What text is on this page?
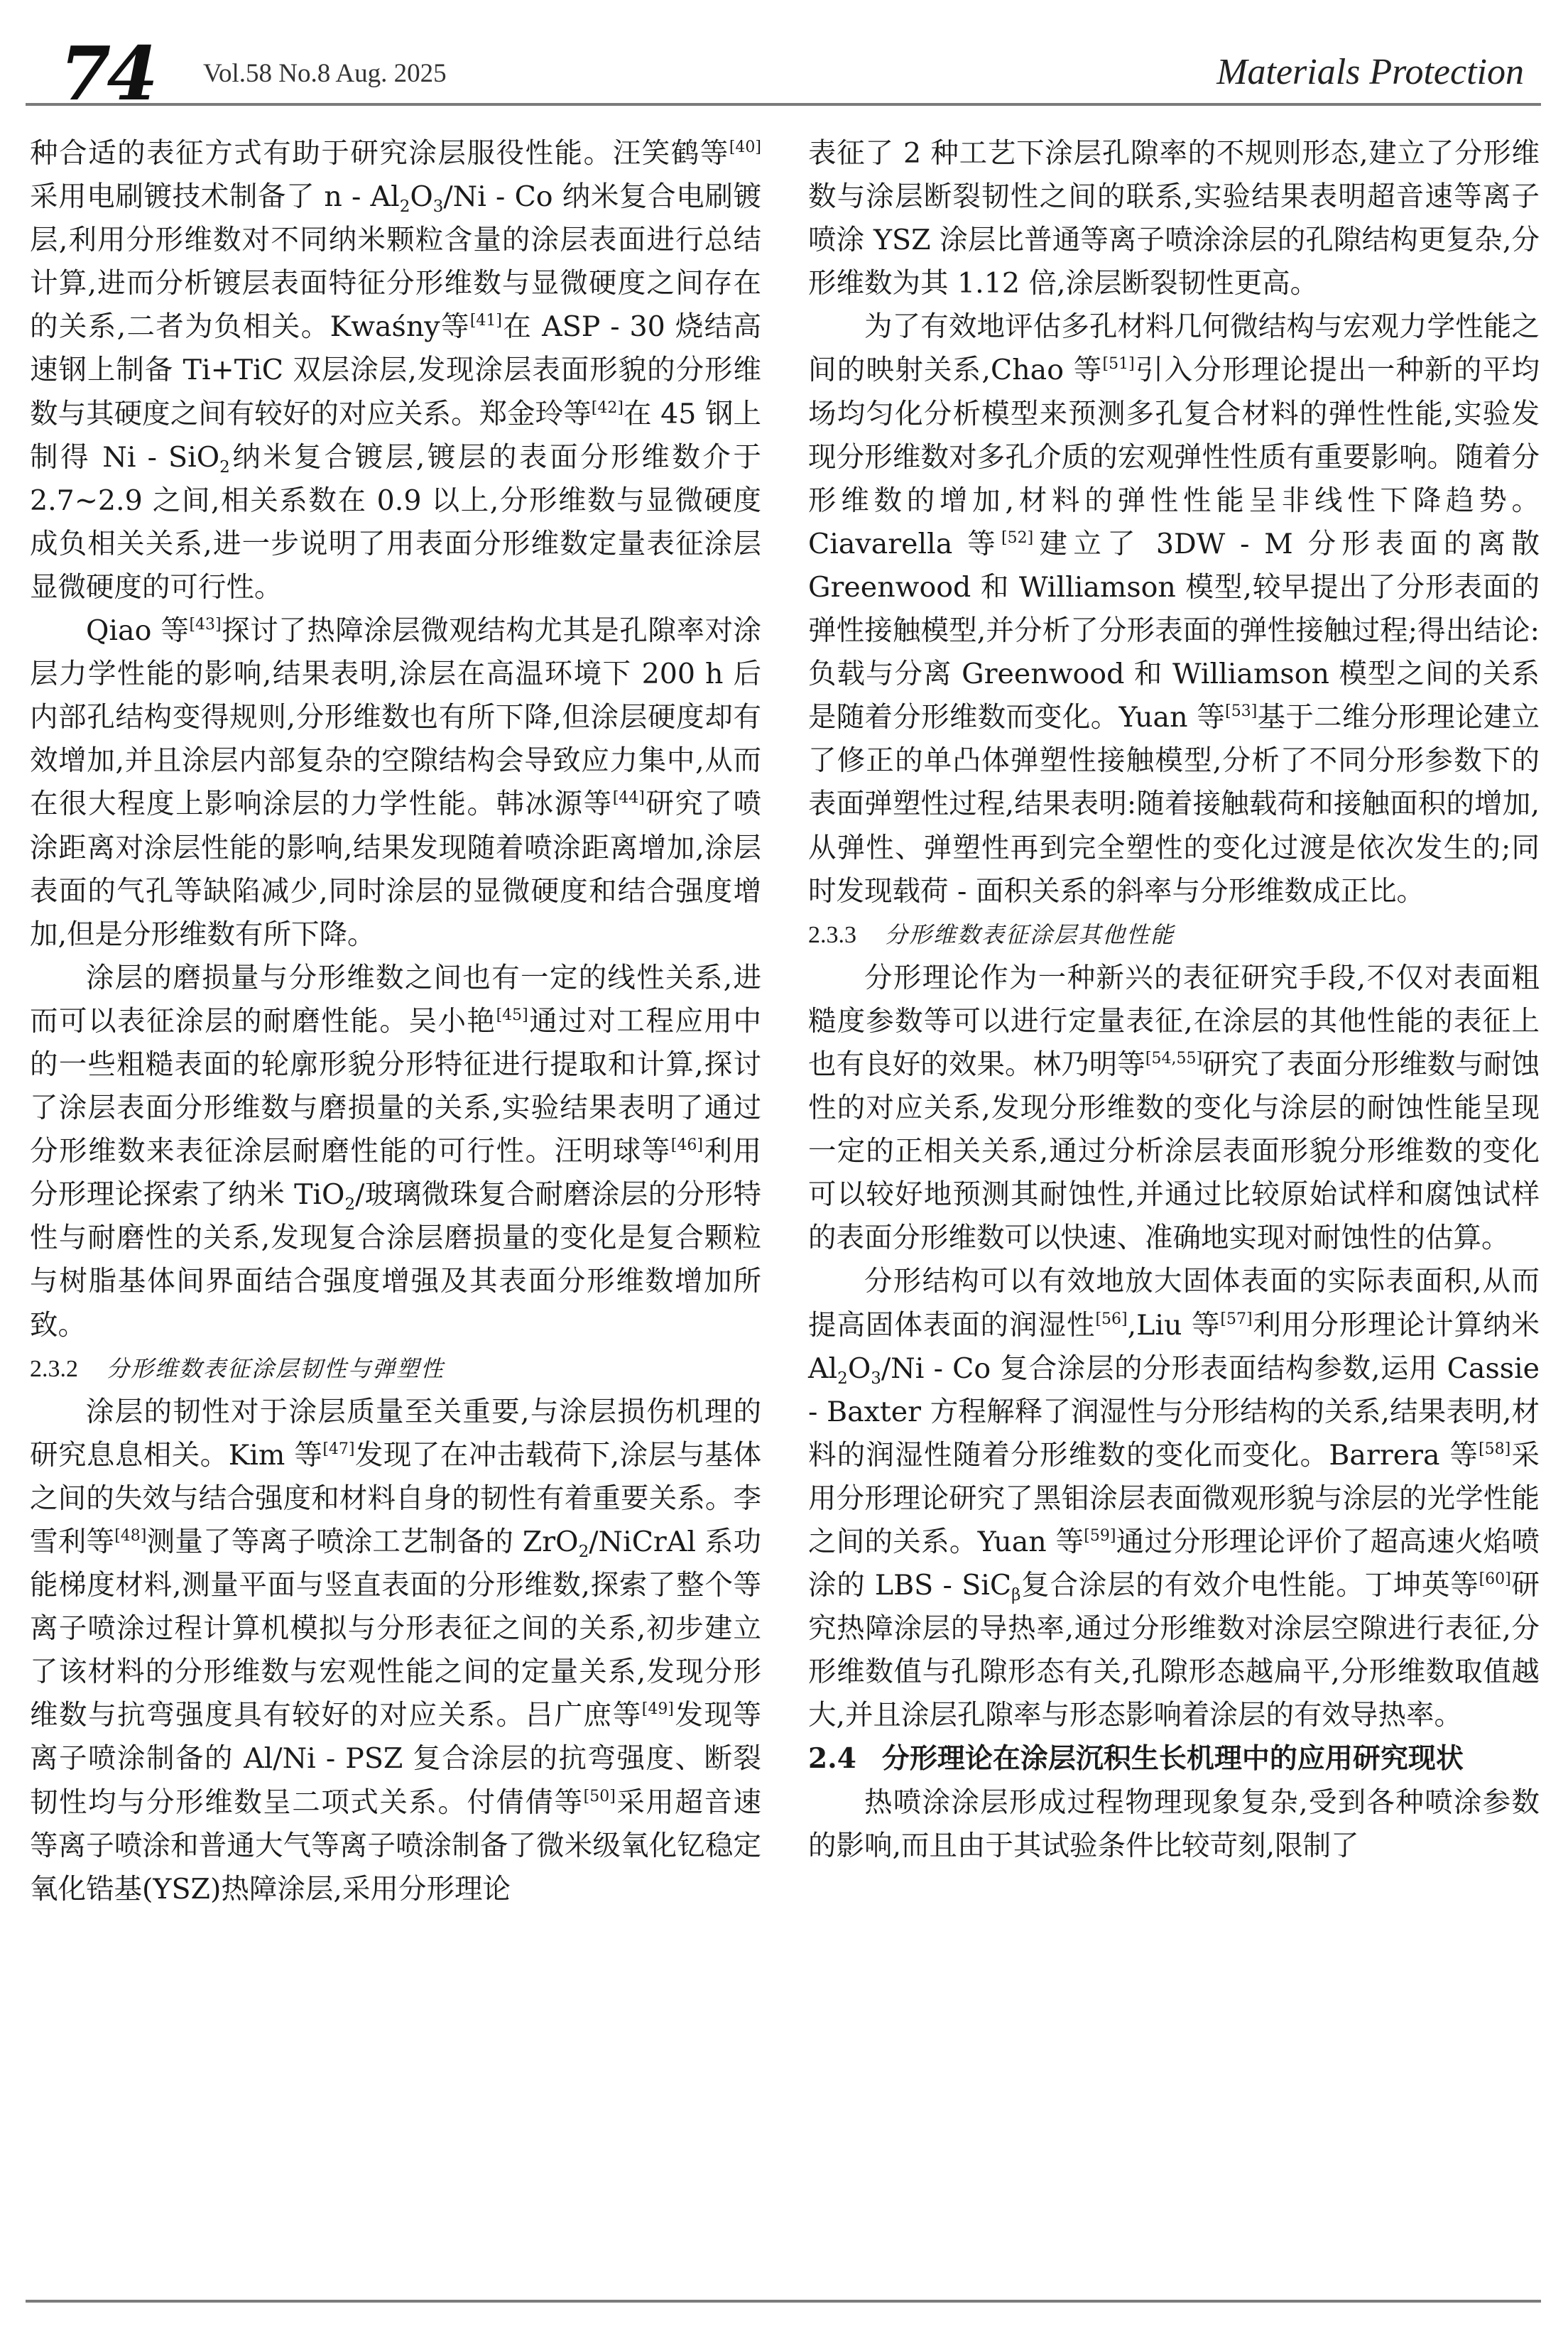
74 Vol.58 No.8 Aug. 2025	Materials Protection

种合适的表征方式有助于研究涂层服役性能。汪笑鹤等[40]采用电刷镀技术制备了 n - $Al_2O_3/Ni$ - Co 纳米复合电刷镀层,利用分形维数对不同纳米颗粒含量的涂层表面进行总结计算,进而分析镀层表面特征分形维数与显微硬度之间存在的关系,二者为负相关。Kwaśny等[41]在 ASP - 30 烧结高速钢上制备 Ti+TiC 双层涂层,发现涂层表面形貌的分形维数与其硬度之间有较好的对应关系。郑金玲等[42]在 45 钢上制得 Ni - SiO$_2$纳米复合镀层,镀层的表面分形维数介于 2.7~2.9 之间,相关系数在 0.9 以上,分形维数与显微硬度成负相关关系,进一步说明了用表面分形维数定量表征涂层显微硬度的可行性。

Qiao 等[43]探讨了热障涂层微观结构尤其是孔隙率对涂层力学性能的影响,结果表明,涂层在高温环境下 200 h 后内部孔结构变得规则,分形维数也有所下降,但涂层硬度却有效增加,并且涂层内部复杂的空隙结构会导致应力集中,从而在很大程度上影响涂层的力学性能。韩冰源等[44]研究了喷涂距离对涂层性能的影响,结果发现随着喷涂距离增加,涂层表面的气孔等缺陷减少,同时涂层的显微硬度和结合强度增加,但是分形维数有所下降。

涂层的磨损量与分形维数之间也有一定的线性关系,进而可以表征涂层的耐磨性能。吴小艳[45]通过对工程应用中的一些粗糙表面的轮廓形貌分形特征进行提取和计算,探讨了涂层表面分形维数与磨损量的关系,实验结果表明了通过分形维数来表征涂层耐磨性能的可行性。汪明球等[46]利用分形理论探索了纳米 TiO$_2$/玻璃微珠复合耐磨涂层的分形特性与耐磨性的关系,发现复合涂层磨损量的变化是复合颗粒与树脂基体间界面结合强度增强及其表面分形维数增加所致。

2.3.2 分形维数表征涂层韧性与弹塑性

涂层的韧性对于涂层质量至关重要,与涂层损伤机理的研究息息相关。Kim 等[47]发现了在冲击载荷下,涂层与基体之间的失效与结合强度和材料自身的韧性有着重要关系。李雪利等[48]测量了等离子喷涂工艺制备的 ZrO$_2$/NiCrAl 系功能梯度材料,测量平面与竖直表面的分形维数,探索了整个等离子喷涂过程计算机模拟与分形表征之间的关系,初步建立了该材料的分形维数与宏观性能之间的定量关系,发现分形维数与抗弯强度具有较好的对应关系。吕广庶等[49]发现等离子喷涂制备的 Al/Ni - PSZ 复合涂层的抗弯强度、断裂韧性均与分形维数呈二项式关系。付倩倩等[50]采用超音速等离子喷涂和普通大气等离子喷涂制备了微米级氧化钇稳定氧化锆基(YSZ)热障涂层,采用分形理论

表征了 2 种工艺下涂层孔隙率的不规则形态,建立了分形维数与涂层断裂韧性之间的联系,实验结果表明超音速等离子喷涂 YSZ 涂层比普通等离子喷涂涂层的孔隙结构更复杂,分形维数为其 1.12 倍,涂层断裂韧性更高。

为了有效地评估多孔材料几何微结构与宏观力学性能之间的映射关系,Chao 等[51]引入分形理论提出一种新的平均场均匀化分析模型来预测多孔复合材料的弹性性能,实验发现分形维数对多孔介质的宏观弹性性质有重要影响。随着分形维数的增加,材料的弹性性能呈非线性下降趋势。Ciavarella 等[52]建立了 3DW - M 分形表面的离散 Greenwood 和 Williamson 模型,较早提出了分形表面的弹性接触模型,并分析了分形表面的弹性接触过程;得出结论:负载与分离 Greenwood 和 Williamson 模型之间的关系是随着分形维数而变化。Yuan 等[53]基于二维分形理论建立了修正的单凸体弹塑性接触模型,分析了不同分形参数下的表面弹塑性过程,结果表明:随着接触载荷和接触面积的增加,从弹性、弹塑性再到完全塑性的变化过渡是依次发生的;同时发现载荷 - 面积关系的斜率与分形维数成正比。

2.3.3 分形维数表征涂层其他性能

分形理论作为一种新兴的表征研究手段,不仅对表面粗糙度参数等可以进行定量表征,在涂层的其他性能的表征上也有良好的效果。林乃明等[54,55]研究了表面分形维数与耐蚀性的对应关系,发现分形维数的变化与涂层的耐蚀性能呈现一定的正相关关系,通过分析涂层表面形貌分形维数的变化可以较好地预测其耐蚀性,并通过比较原始试样和腐蚀试样的表面分形维数可以快速、准确地实现对耐蚀性的估算。

分形结构可以有效地放大固体表面的实际表面积,从而提高固体表面的润湿性[56],Liu 等[57]利用分形理论计算纳米 $Al_2O_3/Ni$ - Co 复合涂层的分形表面结构参数,运用 Cassie - Baxter 方程解释了润湿性与分形结构的关系,结果表明,材料的润湿性随着分形维数的变化而变化。Barrera 等[58]采用分形理论研究了黑钼涂层表面微观形貌与涂层的光学性能之间的关系。Yuan 等[59]通过分形理论评价了超高速火焰喷涂的 LBS - SiC$_\beta$复合涂层的有效介电性能。丁坤英等[60]研究热障涂层的导热率,通过分形维数对涂层空隙进行表征,分形维数值与孔隙形态有关,孔隙形态越扁平,分形维数取值越大,并且涂层孔隙率与形态影响着涂层的有效导热率。

2.4 分形理论在涂层沉积生长机理中的应用研究现状

热喷涂涂层形成过程物理现象复杂,受到各种喷涂参数的影响,而且由于其试验条件比较苛刻,限制了
